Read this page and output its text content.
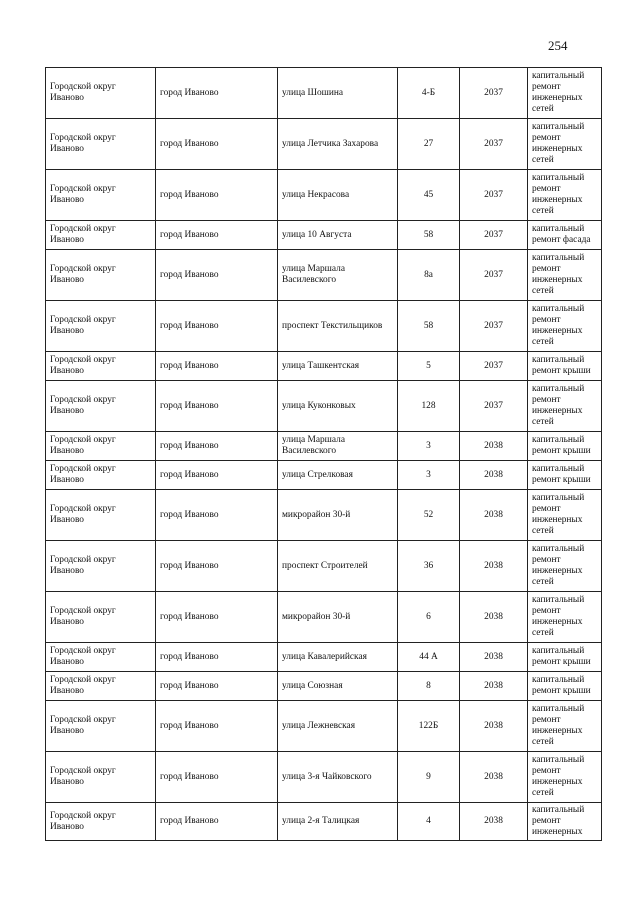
254
Городской округ Иваново	город Иваново	улица Шошина	4-Б	2037	капитальный ремонт инженерных сетей
Городской округ Иваново	город Иваново	улица Летчика Захарова	27	2037	капитальный ремонт инженерных сетей
Городской округ Иваново	город Иваново	улица Некрасова	45	2037	капитальный ремонт инженерных сетей
Городской округ Иваново	город Иваново	улица 10 Августа	58	2037	капитальный ремонт фасада
Городской округ Иваново	город Иваново	улица Маршала Василевского	8а	2037	капитальный ремонт инженерных сетей
Городской округ Иваново	город Иваново	проспект Текстильщиков	58	2037	капитальный ремонт инженерных сетей
Городской округ Иваново	город Иваново	улица Ташкентская	5	2037	капитальный ремонт крыши
Городской округ Иваново	город Иваново	улица Куконковых	128	2037	капитальный ремонт инженерных сетей
Городской округ Иваново	город Иваново	улица Маршала Василевского	3	2038	капитальный ремонт крыши
Городской округ Иваново	город Иваново	улица Стрелковая	3	2038	капитальный ремонт крыши
Городской округ Иваново	город Иваново	микрорайон 30-й	52	2038	капитальный ремонт инженерных сетей
Городской округ Иваново	город Иваново	проспект Строителей	36	2038	капитальный ремонт инженерных сетей
Городской округ Иваново	город Иваново	микрорайон 30-й	6	2038	капитальный ремонт инженерных сетей
Городской округ Иваново	город Иваново	улица Кавалерийская	44 А	2038	капитальный ремонт крыши
Городской округ Иваново	город Иваново	улица Союзная	8	2038	капитальный ремонт крыши
Городской округ Иваново	город Иваново	улица Лежневская	122Б	2038	капитальный ремонт инженерных сетей
Городской округ Иваново	город Иваново	улица 3-я Чайковского	9	2038	капитальный ремонт инженерных сетей
Городской округ Иваново	город Иваново	улица 2-я Талицкая	4	2038	капитальный ремонт инженерных
